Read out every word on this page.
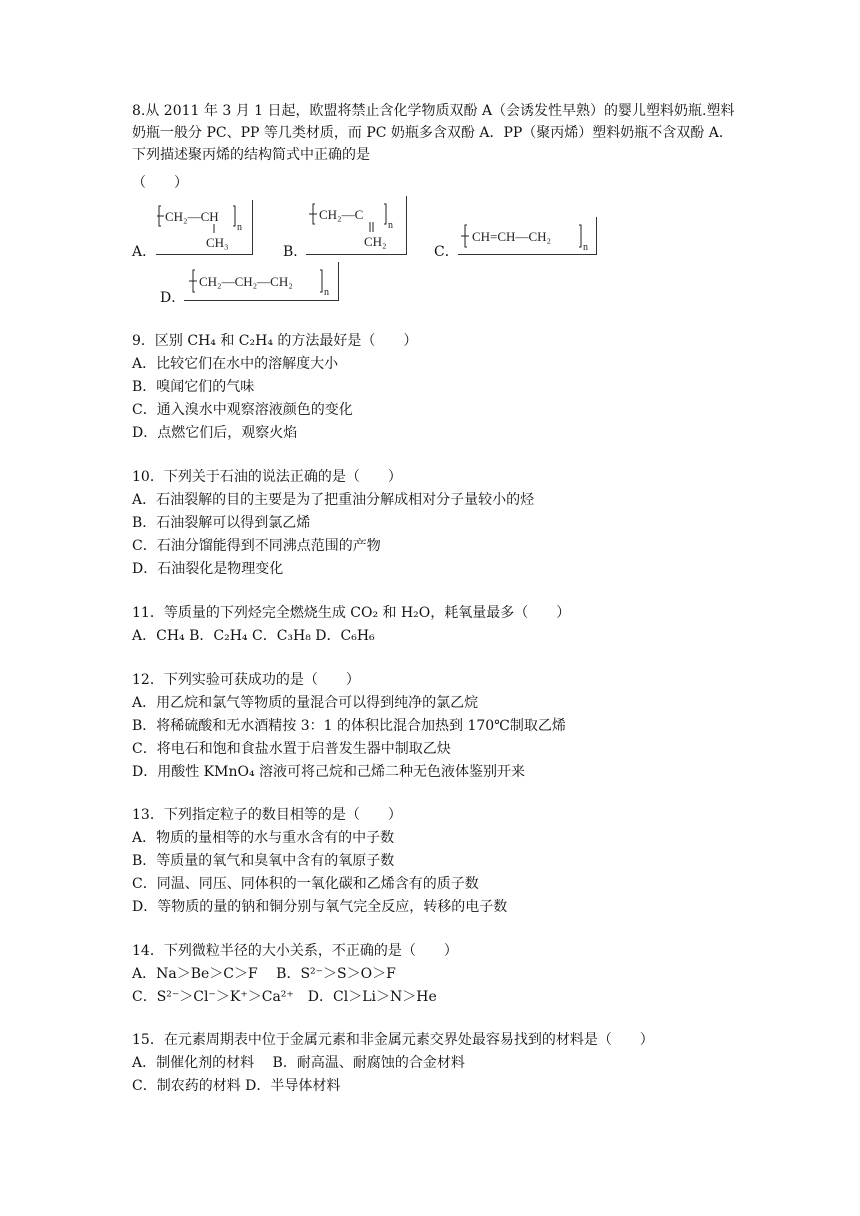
8.从 2011 年 3 月 1 日起，欧盟将禁止含化学物质双酚 A（会诱发性早熟）的婴儿塑料奶瓶.塑料奶瓶一般分 PC、PP 等几类材质，而 PC 奶瓶多含双酚 A．PP（聚丙烯）塑料奶瓶不含双酚 A．下列描述聚丙烯的结构简式中正确的是
（　　）
A．
CH₂—CH
n
CH₃
B．
CH₂—C
n
CH₂
C．
CH=CH—CH₂
n
D．
CH₂—CH₂—CH₂
n
9．区别 CH₄ 和 C₂H₄ 的方法最好是（　　）
A．比较它们在水中的溶解度大小
B．嗅闻它们的气味
C．通入溴水中观察溶液颜色的变化
D．点燃它们后，观察火焰
10．下列关于石油的说法正确的是（　　）
A．石油裂解的目的主要是为了把重油分解成相对分子量较小的烃
B．石油裂解可以得到氯乙烯
C．石油分馏能得到不同沸点范围的产物
D．石油裂化是物理变化
11．等质量的下列烃完全燃烧生成 CO₂ 和 H₂O，耗氧量最多（　　）
A．CH₄ B．C₂H₄ C．C₃H₈ D．C₆H₆
12．下列实验可获成功的是（　　）
A．用乙烷和氯气等物质的量混合可以得到纯净的氯乙烷
B．将稀硫酸和无水酒精按 3：1 的体积比混合加热到 170℃制取乙烯
C．将电石和饱和食盐水置于启普发生器中制取乙炔
D．用酸性 KMnO₄ 溶液可将己烷和己烯二种无色液体鉴别开来
13．下列指定粒子的数目相等的是（　　）
A．物质的量相等的水与重水含有的中子数
B．等质量的氧气和臭氧中含有的氧原子数
C．同温、同压、同体积的一氧化碳和乙烯含有的质子数
D．等物质的量的钠和铜分别与氧气完全反应，转移的电子数
14．下列微粒半径的大小关系，不正确的是（　　）
A．Na＞Be＞C＞F　 B．S²⁻＞S＞O＞F
C．S²⁻＞Cl⁻＞K⁺＞Ca²⁺　D．Cl＞Li＞N＞He
15．在元素周期表中位于金属元素和非金属元素交界处最容易找到的材料是（　　）
A．制催化剂的材料　 B．耐高温、耐腐蚀的合金材料
C．制农药的材料 D．半导体材料
